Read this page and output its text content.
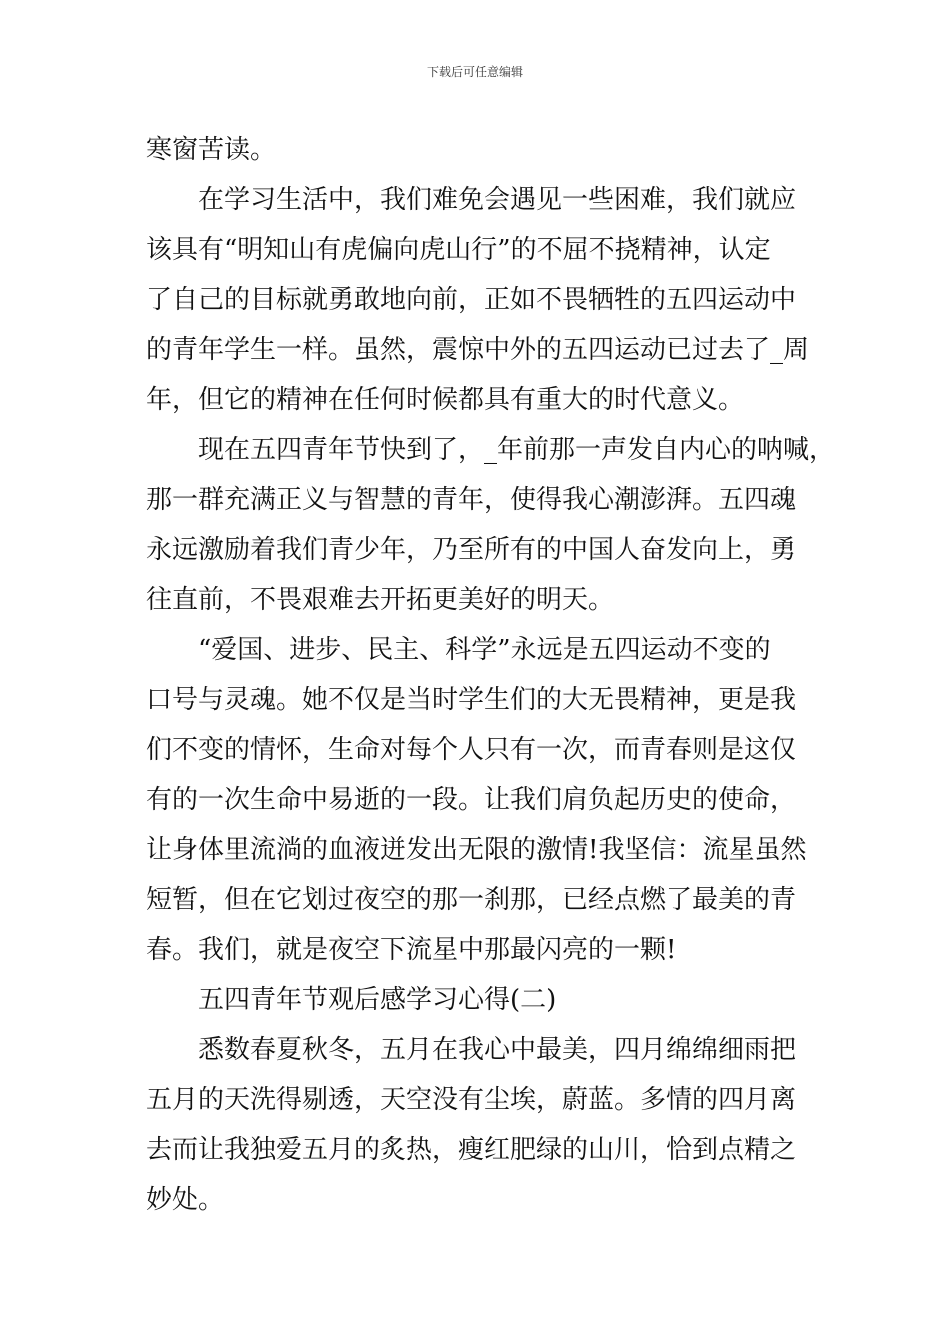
下载后可任意编辑
寒窗苦读。
在学习生活中，我们难免会遇见一些困难，我们就应
该具有“明知山有虎偏向虎山行”的不屈不挠精神，认定
了自己的目标就勇敢地向前，正如不畏牺牲的五四运动中
的青年学生一样。虽然，震惊中外的五四运动已过去了_周
年，但它的精神在任何时候都具有重大的时代意义。
现在五四青年节快到了，_年前那一声发自内心的呐喊，
那一群充满正义与智慧的青年，使得我心潮澎湃。五四魂
永远激励着我们青少年，乃至所有的中国人奋发向上，勇
往直前，不畏艰难去开拓更美好的明天。
“爱国、进步、民主、科学”永远是五四运动不变的
口号与灵魂。她不仅是当时学生们的大无畏精神，更是我
们不变的情怀，生命对每个人只有一次，而青春则是这仅
有的一次生命中易逝的一段。让我们肩负起历史的使命，
让身体里流淌的血液迸发出无限的激情!我坚信：流星虽然
短暂，但在它划过夜空的那一刹那，已经点燃了最美的青
春。我们，就是夜空下流星中那最闪亮的一颗!
五四青年节观后感学习心得(二)
悉数春夏秋冬，五月在我心中最美，四月绵绵细雨把
五月的天洗得剔透，天空没有尘埃，蔚蓝。多情的四月离
去而让我独爱五月的炙热，瘦红肥绿的山川，恰到点精之
妙处。
